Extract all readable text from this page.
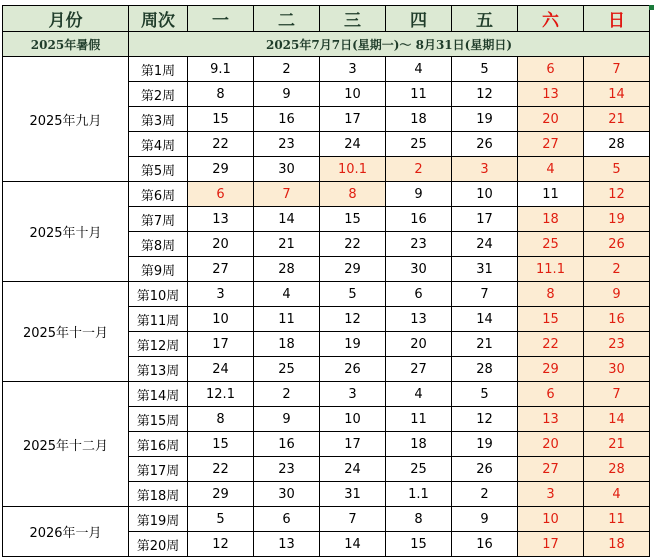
月份	周次	一	二	三	四	五	六	日
2025年暑假	2025年7月7日(星期一)～ 8月31日(星期日)							
2025年九月	第1周	9.1	2	3	4	5	6	7
	第2周	8	9	10	11	12	13	14
	第3周	15	16	17	18	19	20	21
	第4周	22	23	24	25	26	27	28
	第5周	29	30	10.1	2	3	4	5
2025年十月	第6周	6	7	8	9	10	11	12
	第7周	13	14	15	16	17	18	19
	第8周	20	21	22	23	24	25	26
	第9周	27	28	29	30	31	11.1	2
2025年十一月	第10周	3	4	5	6	7	8	9
	第11周	10	11	12	13	14	15	16
	第12周	17	18	19	20	21	22	23
	第13周	24	25	26	27	28	29	30
2025年十二月	第14周	12.1	2	3	4	5	6	7
	第15周	8	9	10	11	12	13	14
	第16周	15	16	17	18	19	20	21
	第17周	22	23	24	25	26	27	28
	第18周	29	30	31	1.1	2	3	4
2026年一月	第19周	5	6	7	8	9	10	11
	第20周	12	13	14	15	16	17	18
